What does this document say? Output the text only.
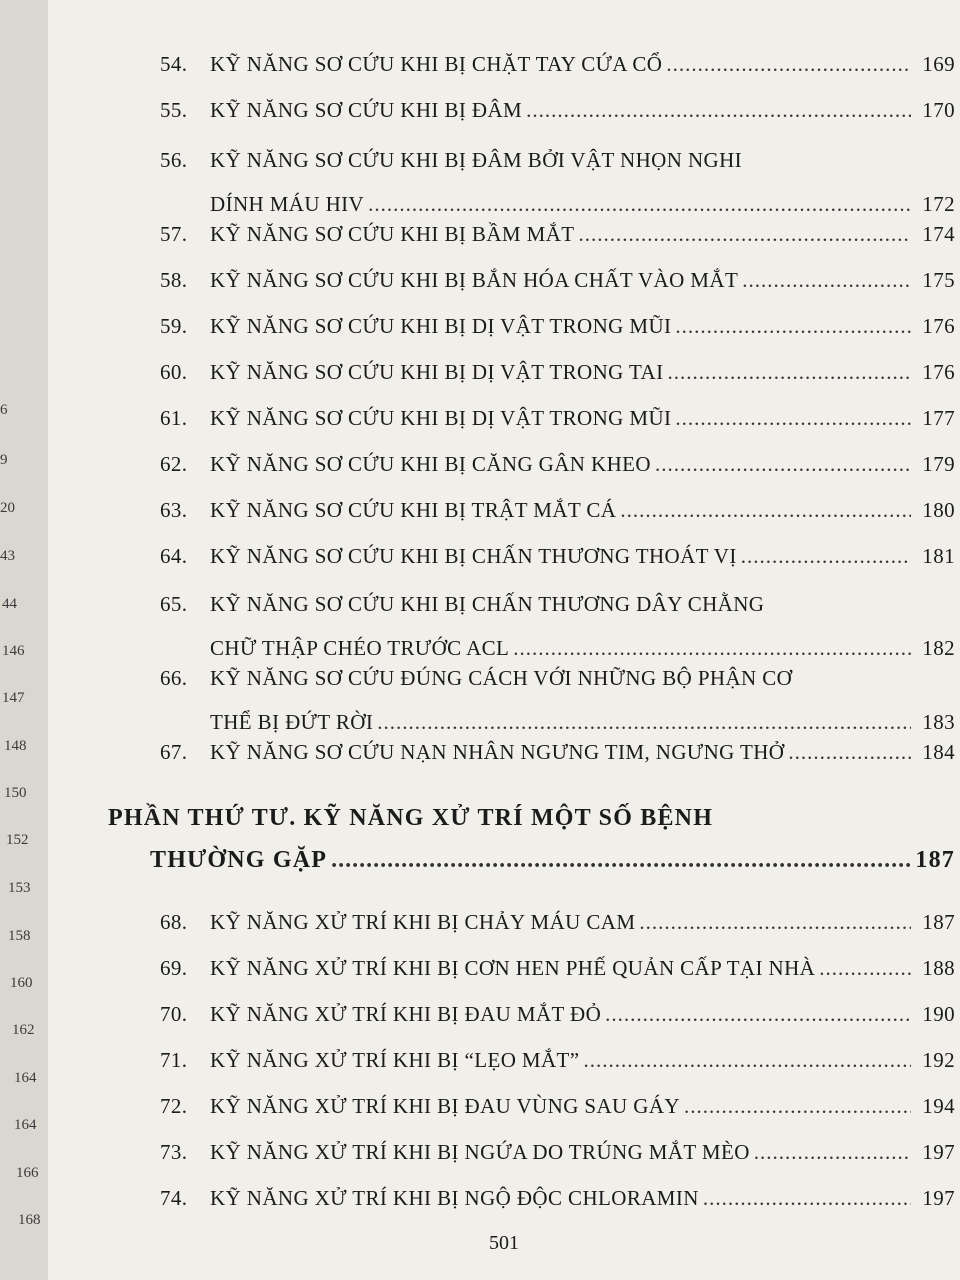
6
9
20
43
44
146
147
148
150
152
153
158
160
162
164
164
166
168
54.	KỸ NĂNG SƠ CỨU KHI BỊ CHẶT TAY CỨA CỔ .....	169
55.	KỸ NĂNG SƠ CỨU KHI BỊ ĐÂM .....	170
56.	KỸ NĂNG SƠ CỨU KHI BỊ ĐÂM BỞI VẬT NHỌN NGHI
DÍNH MÁU HIV .....	172
57.	KỸ NĂNG SƠ CỨU KHI BỊ BẦM MẮT .....	174
58.	KỸ NĂNG SƠ CỨU KHI BỊ BẮN HÓA CHẤT VÀO MẮT .....	175
59.	KỸ NĂNG SƠ CỨU KHI BỊ DỊ VẬT TRONG MŨI .....	176
60.	KỸ NĂNG SƠ CỨU KHI BỊ DỊ VẬT TRONG TAI .....	176
61.	KỸ NĂNG SƠ CỨU KHI BỊ DỊ VẬT TRONG MŨI .....	177
62.	KỸ NĂNG SƠ CỨU KHI BỊ CĂNG GÂN KHEO .....	179
63.	KỸ NĂNG SƠ CỨU KHI BỊ TRẬT MẮT CÁ .....	180
64.	KỸ NĂNG SƠ CỨU KHI BỊ CHẤN THƯƠNG THOÁT VỊ .....	181
65.	KỸ NĂNG SƠ CỨU KHI BỊ CHẤN THƯƠNG DÂY CHẰNG
CHỮ THẬP CHÉO TRƯỚC ACL .....	182
66.	KỸ NĂNG SƠ CỨU ĐÚNG CÁCH VỚI NHỮNG BỘ PHẬN CƠ
THỂ BỊ ĐỨT RỜI .....	183
67.	KỸ NĂNG SƠ CỨU NẠN NHÂN NGƯNG TIM, NGƯNG THỞ .....	184
PHẦN THỨ TƯ. KỸ NĂNG XỬ TRÍ MỘT SỐ BỆNH
THƯỜNG GẶP .....	187
68.	KỸ NĂNG XỬ TRÍ KHI BỊ CHẢY MÁU CAM .....	187
69.	KỸ NĂNG XỬ TRÍ KHI BỊ CƠN HEN PHẾ QUẢN CẤP TẠI NHÀ .....	188
70.	KỸ NĂNG XỬ TRÍ KHI BỊ ĐAU MẮT ĐỎ .....	190
71.	KỸ NĂNG XỬ TRÍ KHI BỊ “LẸO MẮT” .....	192
72.	KỸ NĂNG XỬ TRÍ KHI BỊ ĐAU VÙNG SAU GÁY .....	194
73.	KỸ NĂNG XỬ TRÍ KHI BỊ NGỨA DO TRÚNG MẮT MÈO .....	197
74.	KỸ NĂNG XỬ TRÍ KHI BỊ NGỘ ĐỘC CHLORAMIN .....	197
501
